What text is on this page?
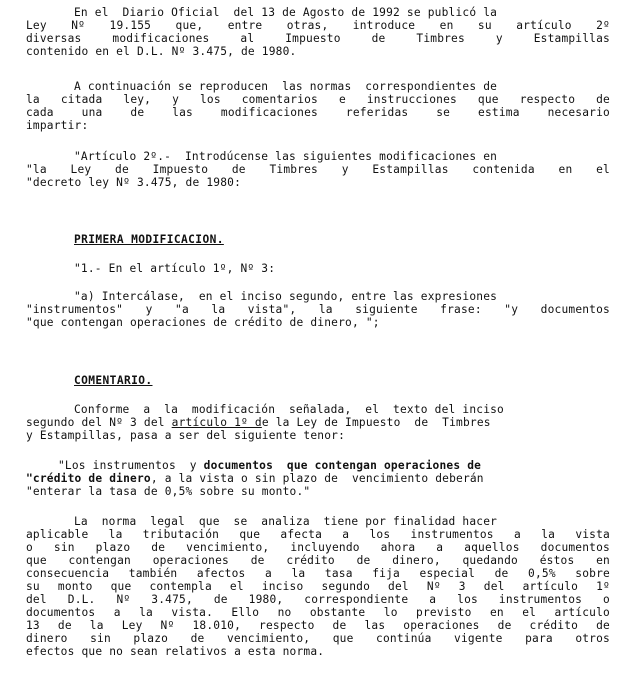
En el  Diario Oficial  del 13 de Agosto de 1992 se publicó la
Ley Nº 19.155 que, entre otras, introduce en su artículo 2º
diversas modificaciones al Impuesto de Timbres y Estampillas
contenido en el D.L. Nº 3.475, de 1980.
A continuación se reproducen  las normas  correspondientes de
la citada ley, y los comentarios e instrucciones que respecto de
cada una de las modificaciones referidas se estima necesario
impartir:
"Artículo 2º.-  Introdúcense las siguientes modificaciones en
"la Ley de Impuesto de Timbres y Estampillas contenida en el
"decreto ley Nº 3.475, de 1980:
PRIMERA MODIFICACION.
"1.- En el artículo 1º, Nº 3:
"a) Intercálase,  en el inciso segundo, entre las expresiones
"instrumentos" y "a la vista", la siguiente frase: "y documentos
"que contengan operaciones de crédito de dinero, ";
COMENTARIO.
Conforme  a  la  modificación  señalada,  el  texto del inciso
segundo del Nº 3 del artículo 1º de la Ley de Impuesto  de  Timbres
y Estampillas, pasa a ser del siguiente tenor:
"Los instrumentos  y documentos  que contengan operaciones de
"crédito de dinero, a la vista o sin plazo de  vencimiento deberán
"enterar la tasa de 0,5% sobre su monto."
La  norma  legal  que  se  analiza  tiene por finalidad hacer
aplicable la tributación que afecta a los instrumentos a la vista
o sin plazo de vencimiento, incluyendo ahora a aquellos documentos
que contengan operaciones de crédito de dinero, quedando éstos en
consecuencia también afectos a la tasa fija especial de 0,5% sobre
su monto que contempla el inciso segundo del Nº 3 del artículo 1º
del D.L. Nº 3.475, de 1980, correspondiente a los instrumentos o
documentos a la vista. Ello no obstante lo previsto en el artículo
13 de la Ley Nº 18.010, respecto de las operaciones de crédito de
dinero sin plazo de vencimiento, que continúa vigente para otros
efectos que no sean relativos a esta norma.
